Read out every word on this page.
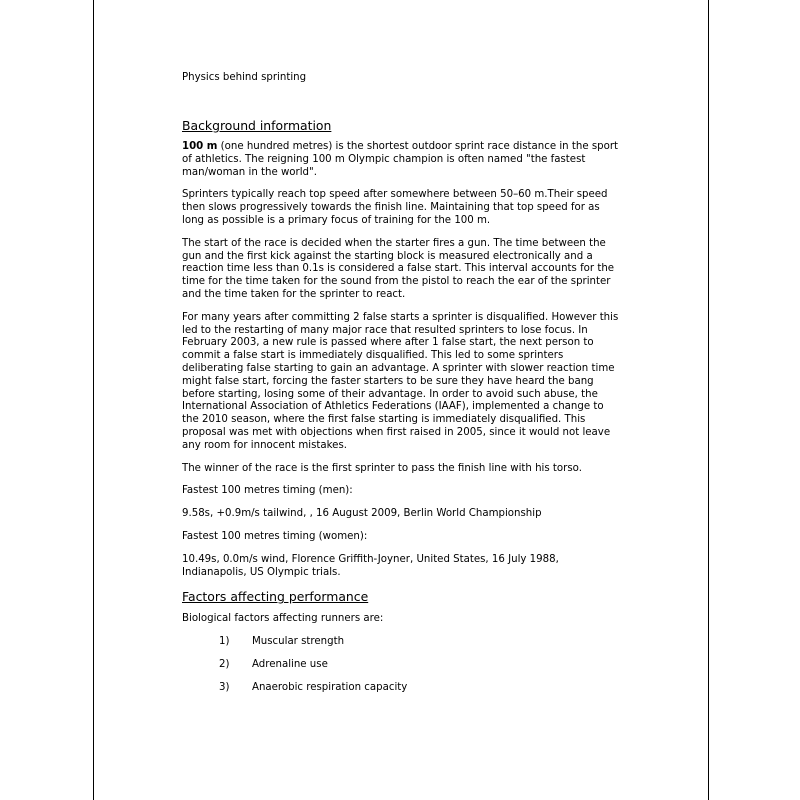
Physics behind sprinting
Background information

100 m (one hundred metres) is the shortest outdoor sprint race distance in the sport of athletics. The reigning 100 m Olympic champion is often named "the fastest man/woman in the world".

Sprinters typically reach top speed after somewhere between 50–60 m.Their speed then slows progressively towards the finish line. Maintaining that top speed for as long as possible is a primary focus of training for the 100 m.

The start of the race is decided when the starter fires a gun. The time between the gun and the first kick against the starting block is measured electronically and a reaction time less than 0.1s is considered a false start. This interval accounts for the time for the time taken for the sound from the pistol to reach the ear of the sprinter and the time taken for the sprinter to react.

For many years after committing 2 false starts a sprinter is disqualified. However this led to the restarting of many major race that resulted sprinters to lose focus. In February 2003, a new rule is passed where after 1 false start, the next person to commit a false start is immediately disqualified. This led to some sprinters deliberating false starting to gain an advantage. A sprinter with slower reaction time might false start, forcing the faster starters to be sure they have heard the bang before starting, losing some of their advantage. In order to avoid such abuse, the International Association of Athletics Federations (IAAF), implemented a change to the 2010 season, where the first false starting is immediately disqualified. This proposal was met with objections when first raised in 2005, since it would not leave any room for innocent mistakes.

The winner of the race is the first sprinter to pass the finish line with his torso.

Fastest 100 metres timing (men):

9.58s, +0.9m/s tailwind, , 16 August 2009, Berlin World Championship

Fastest 100 metres timing (women):

10.49s, 0.0m/s wind, Florence Griffith-Joyner, United States, 16 July 1988, Indianapolis, US Olympic trials.

Factors affecting performance

Biological factors affecting runners are:

1) Muscular strength
2) Adrenaline use
3) Anaerobic respiration capacity
